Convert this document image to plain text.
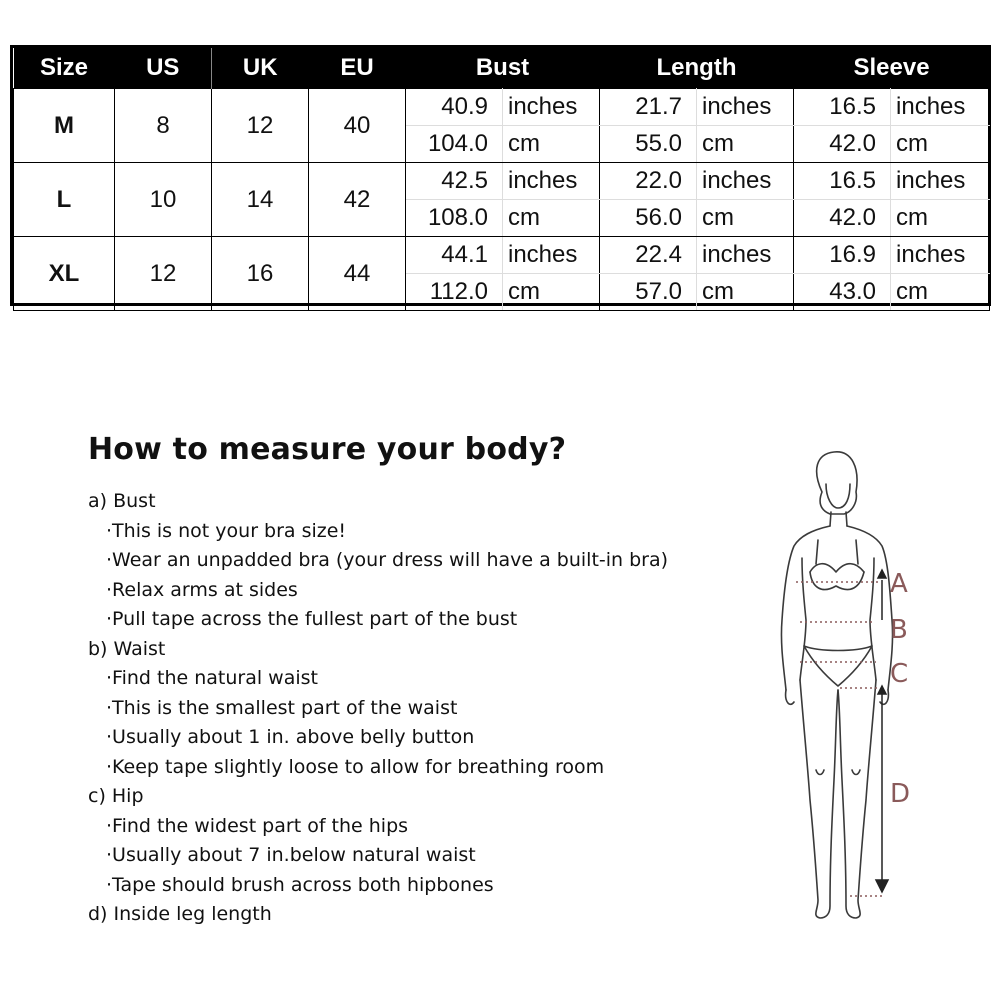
Size	US	UK	EU	Bust		Length		Sleeve	
M	8	12	40	40.9	inches	21.7	inches	16.5	inches
				104.0	cm	55.0	cm	42.0	cm
L	10	14	42	42.5	inches	22.0	inches	16.5	inches
				108.0	cm	56.0	cm	42.0	cm
XL	12	16	44	44.1	inches	22.4	inches	16.9	inches
				112.0	cm	57.0	cm	43.0	cm
How to measure your body?
a) Bust
·This is not your bra size!
·Wear an unpadded bra (your dress will have a built-in bra)
·Relax arms at sides
·Pull tape across the fullest part of the bust
b) Waist
·Find the natural waist
·This is the smallest part of the waist
·Usually about 1 in. above belly button
·Keep tape slightly loose to allow for breathing room
c) Hip
·Find the widest part of the hips
·Usually about 7 in.below natural waist
·Tape should brush across both hipbones
d) Inside leg length
A
B
C
D
